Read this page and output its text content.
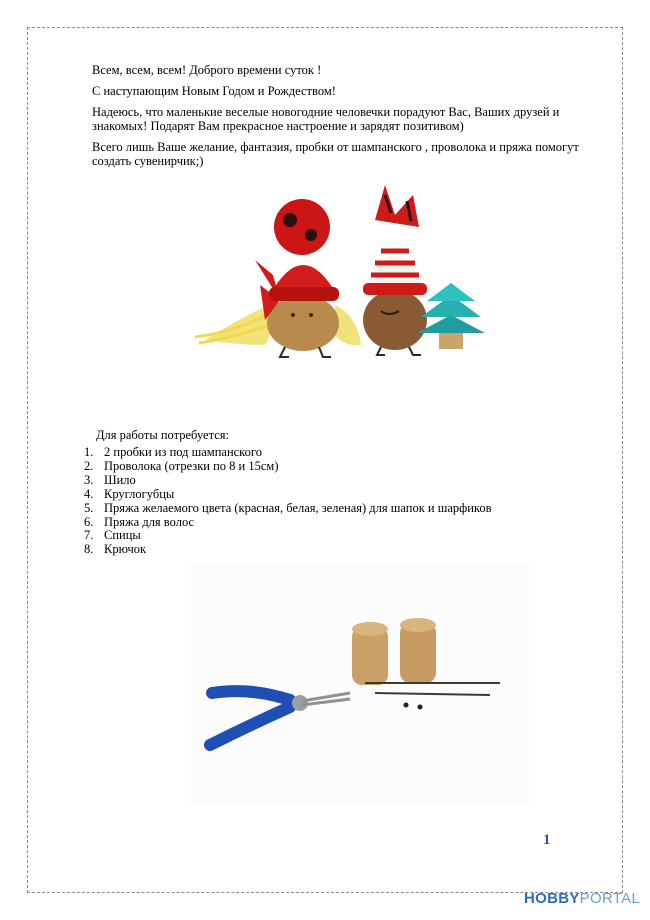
Всем, всем, всем! Доброго времени суток !

С наступающим Новым Годом и Рождеством!

Надеюсь, что маленькие веселые новогодние человечки порадуют Вас, Ваших друзей и знакомых! Подарят Вам прекрасное настроение и зарядят позитивом)

Всего лишь Ваше желание, фантазия, пробки от шампанского , проволока и пряжа помогут создать сувенирчик;)

Для работы потребуется:
1. 2 пробки из под шампанского
2. Проволока (отрезки по 8 и 15см)
3. Шило
4. Круглогубцы
5. Пряжа желаемого цвета (красная, белая, зеленая) для шапок и шарфиков
6. Пряжа для волос
7. Спицы
8. Крючок
1
HOBBYPORTAL
